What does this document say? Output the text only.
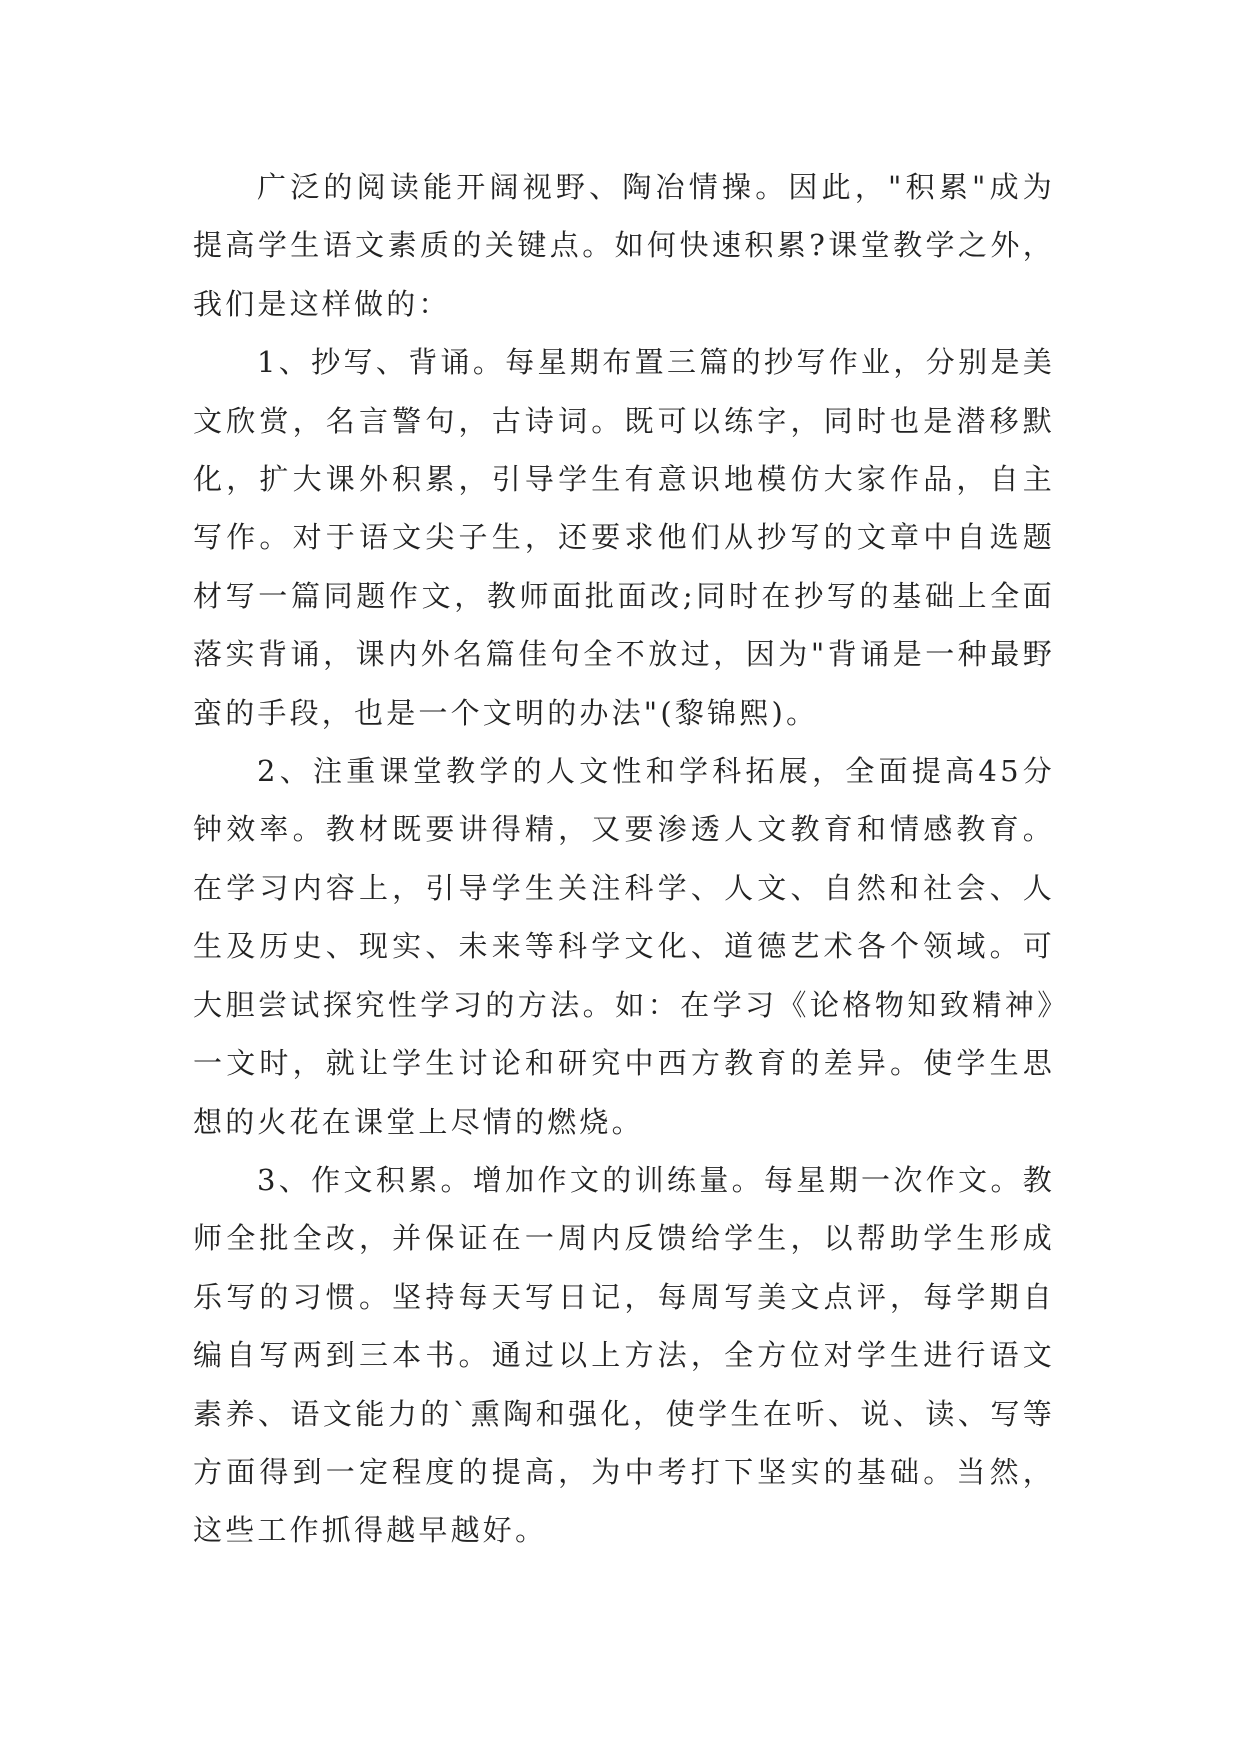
广泛的阅读能开阔视野、陶冶情操。因此，"积累"成为提高学生语文素质的关键点。如何快速积累?课堂教学之外，我们是这样做的：

1、抄写、背诵。每星期布置三篇的抄写作业，分别是美文欣赏，名言警句，古诗词。既可以练字，同时也是潜移默化，扩大课外积累，引导学生有意识地模仿大家作品，自主写作。对于语文尖子生，还要求他们从抄写的文章中自选题材写一篇同题作文，教师面批面改;同时在抄写的基础上全面落实背诵，课内外名篇佳句全不放过，因为"背诵是一种最野蛮的手段，也是一个文明的办法"(黎锦熙)。

2、注重课堂教学的人文性和学科拓展，全面提高45分钟效率。教材既要讲得精，又要渗透人文教育和情感教育。在学习内容上，引导学生关注科学、人文、自然和社会、人生及历史、现实、未来等科学文化、道德艺术各个领域。可大胆尝试探究性学习的方法。如：在学习《论格物知致精神》一文时，就让学生讨论和研究中西方教育的差异。使学生思想的火花在课堂上尽情的燃烧。

3、作文积累。增加作文的训练量。每星期一次作文。教师全批全改，并保证在一周内反馈给学生，以帮助学生形成乐写的习惯。坚持每天写日记，每周写美文点评，每学期自编自写两到三本书。通过以上方法，全方位对学生进行语文素养、语文能力的`熏陶和强化，使学生在听、说、读、写等方面得到一定程度的提高，为中考打下坚实的基础。当然，这些工作抓得越早越好。
